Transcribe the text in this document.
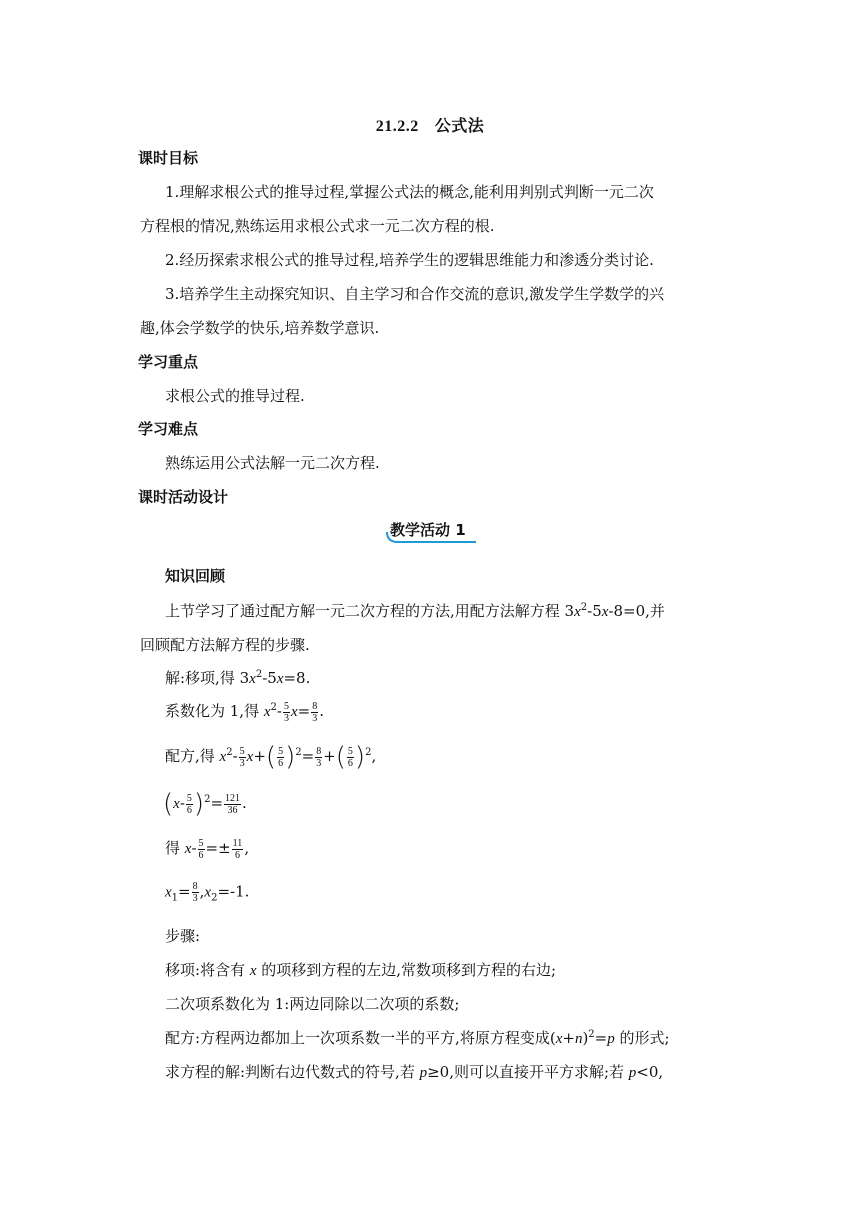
21.2.2 公式法
课时目标
1.理解求根公式的推导过程,掌握公式法的概念,能利用判别式判断一元二次
方程根的情况,熟练运用求根公式求一元二次方程的根.
2.经历探索求根公式的推导过程,培养学生的逻辑思维能力和渗透分类讨论.
3.培养学生主动探究知识、自主学习和合作交流的意识,激发学生学数学的兴
趣,体会学数学的快乐,培养数学意识.
学习重点
求根公式的推导过程.
学习难点
熟练运用公式法解一元二次方程.
课时活动设计
教学活动 1
知识回顾
上节学习了通过配方解一元二次方程的方法,用配方法解方程 $3x^2-5x-8=0$,并
回顾配方法解方程的步骤.
解:移项,得 $3x^2-5x=8$.
系数化为 1,得 $x^2- \frac{5}{3} x= \frac{8}{3}$ .
配方,得 $x^2- \frac{5}{3} x+( \frac{5}{6} )^2= \frac{8}{3}$ +( $\frac{5}{6} )^2$,
$(x- \frac{5}{6} )^2= \frac{121}{36}$ .
得 $x- \frac{5}{6} =\pm \frac{11}{6}$ ,
$x_1= \frac{8}{3} ,x_2=-1$.
步骤:
移项:将含有 x 的项移到方程的左边,常数项移到方程的右边;
二次项系数化为 1:两边同除以二次项的系数;
配方:方程两边都加上一次项系数一半的平方,将原方程变成$(x+n)^2=p$ 的形式;
求方程的解:判断右边代数式的符号,若 p≥0,则可以直接开平方求解;若 p<0,
